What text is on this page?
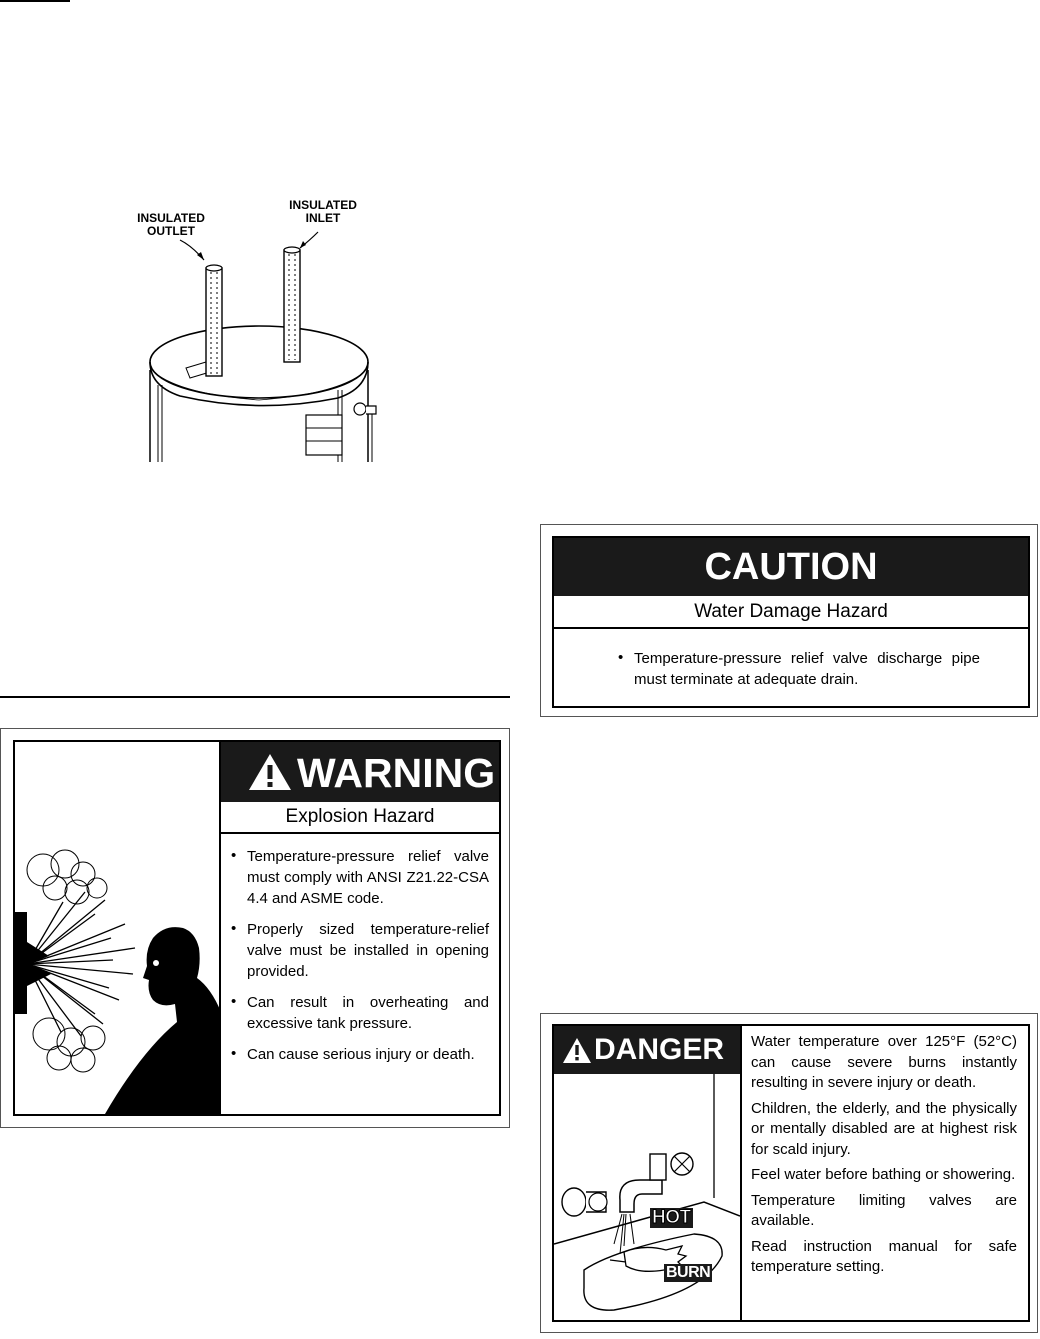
INSULATED
OUTLET
INSULATED
INLET
WARNING
Explosion Hazard
• Temperature-pressure relief valve must comply with ANSI Z21.22-CSA 4.4 and ASME code.
• Properly sized temperature-relief valve must be installed in opening provided.
• Can result in overheating and excessive tank pressure.
• Can cause serious injury or death.
CAUTION
Water Damage Hazard
• Temperature-pressure relief valve discharge pipe must terminate at adequate drain.
DANGER
HOT
BURN
Water temperature over 125°F (52°C) can cause severe burns instantly resulting in severe injury or death.
Children, the elderly, and the physically or mentally disabled are at highest risk for scald injury.
Feel water before bathing or showering.
Temperature limiting valves are available.
Read instruction manual for safe temperature setting.
